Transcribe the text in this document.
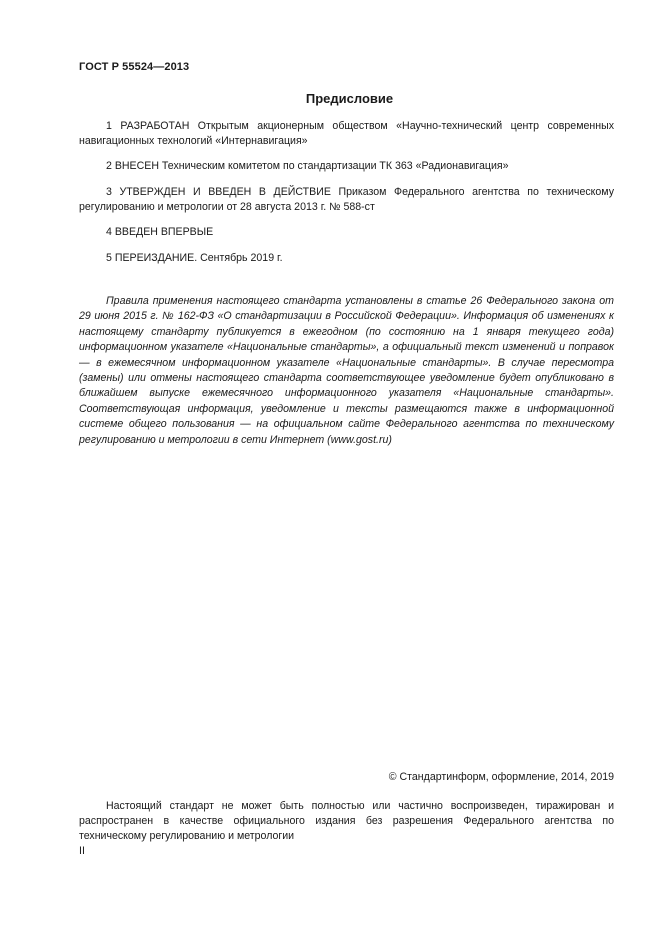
ГОСТ Р 55524—2013
Предисловие

1 РАЗРАБОТАН Открытым акционерным обществом «Научно-технический центр современных навигационных технологий «Интернавигация»

2 ВНЕСЕН Техническим комитетом по стандартизации ТК 363 «Радионавигация»

3 УТВЕРЖДЕН И ВВЕДЕН В ДЕЙСТВИЕ Приказом Федерального агентства по техническому регулированию и метрологии от 28 августа 2013 г. № 588-ст

4 ВВЕДЕН ВПЕРВЫЕ

5 ПЕРЕИЗДАНИЕ. Сентябрь 2019 г.

Правила применения настоящего стандарта установлены в статье 26 Федерального закона от 29 июня 2015 г. № 162-ФЗ «О стандартизации в Российской Федерации». Информация об изменениях к настоящему стандарту публикуется в ежегодном (по состоянию на 1 января текущего года) информационном указателе «Национальные стандарты», а официальный текст изменений и поправок — в ежемесячном информационном указателе «Национальные стандарты». В случае пересмотра (замены) или отмены настоящего стандарта соответствующее уведомление будет опубликовано в ближайшем выпуске ежемесячного информационного указателя «Национальные стандарты». Соответствующая информация, уведомление и тексты размещаются также в информационной системе общего пользования — на официальном сайте Федерального агентства по техническому регулированию и метрологии в сети Интернет (www.gost.ru)

© Стандартинформ, оформление, 2014, 2019

Настоящий стандарт не может быть полностью или частично воспроизведен, тиражирован и распространен в качестве официального издания без разрешения Федерального агентства по техническому регулированию и метрологии

II
